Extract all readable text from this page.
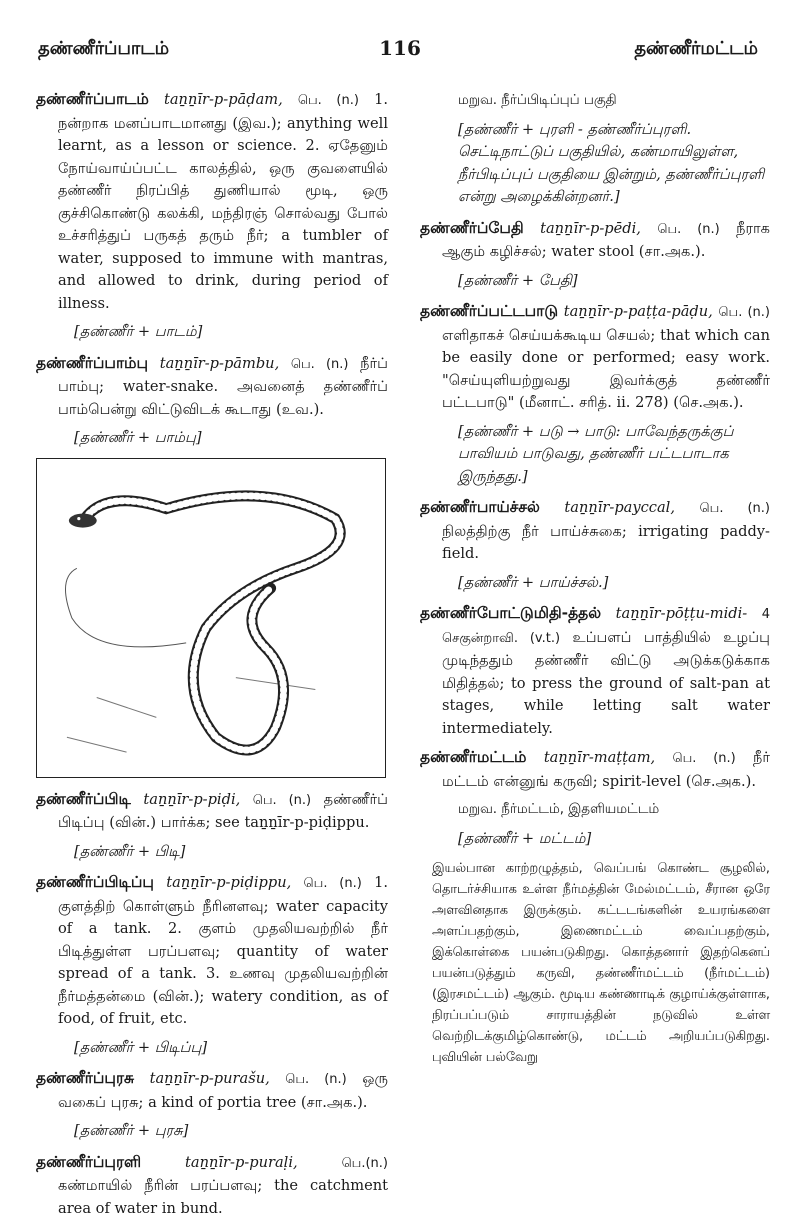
தண்ணீர்ப்பாடம்	116	தண்ணீர்மட்டம்

தண்ணீர்ப்பாடம் taṉṉīr-p-pāḍam, பெ. (n.) 1. நன்றாக மனப்பாடமானது (இவ.); anything well learnt, as a lesson or science. 2. ஏதேனும் நோய்வாய்ப்பட்ட காலத்தில், ஒரு குவளையில் தண்ணீர் நிரப்பித் துணியால் மூடி, ஒரு குச்சிகொண்டு கலக்கி, மந்திரஞ் சொல்வது போல் உச்சரித்துப் பருகத் தரும் நீர்; a tumbler of water, supposed to immune with mantras, and allowed to drink, during period of illness.

[தண்ணீர் + பாடம்]

தண்ணீர்ப்பாம்பு taṉṉīr-p-pāmbu, பெ. (n.) நீர்ப் பாம்பு; water-snake. அவனைத் தண்ணீர்ப் பாம்பென்று விட்டுவிடக் கூடாது (உவ.).

[தண்ணீர் + பாம்பு]

தண்ணீர்ப்பிடி taṉṉīr-p-piḍi, பெ. (n.) தண்ணீர்ப் பிடிப்பு (வின்.) பார்க்க; see taṉṉīr-p-piḍippu.

[தண்ணீர் + பிடி]

தண்ணீர்ப்பிடிப்பு taṉṉīr-p-piḍippu, பெ. (n.) 1. குளத்திற் கொள்ளும் நீரினளவு; water capacity of a tank. 2. குளம் முதலியவற்றில் நீர் பிடித்துள்ள பரப்பளவு; quantity of water spread of a tank. 3. உணவு முதலியவற்றின் நீர்மத்தன்மை (வின்.); watery condition, as of food, of fruit, etc.

[தண்ணீர் + பிடிப்பு]

தண்ணீர்ப்புரசு taṉṉīr-p-purašu, பெ. (n.) ஒரு வகைப் புரசு; a kind of portia tree (சா.அக.).

[தண்ணீர் + புரசு]

தண்ணீர்ப்புரளி	taṉṉīr-p-puraḷi,	பெ.(n.) கண்மாயில் நீரின் பரப்பளவு; the catchment area of water in bund.

மறுவ. நீர்ப்பிடிப்புப் பகுதி
[தண்ணீர் + புரளி - தண்ணீர்ப்புரளி. செட்டிநாட்டுப் பகுதியில், கண்மாயிலுள்ள, நீர்பிடிப்புப் பகுதியை இன்றும், தண்ணீர்ப்புரளி என்று அழைக்கின்றனர்.]

தண்ணீர்ப்பேதி taṉṉīr-p-pēdi, பெ. (n.) நீராக ஆகும் கழிச்சல்; water stool (சா.அக.).

[தண்ணீர் + பேதி]

தண்ணீர்ப்பட்டபாடு taṉṉīr-p-paṭṭa-pāḍu, பெ. (n.) எளிதாகச் செய்யக்கூடிய செயல்; that which can be easily done or performed; easy work. "செய்யுளியற்றுவது இவர்க்குத் தண்ணீர் பட்டபாடு" (மீனாட். சரித். ii. 278) (செ.அக.).

[தண்ணீர் + படு → பாடு: பாவேந்தருக்குப் பாவியம் பாடுவது, தண்ணீர் பட்டபாடாக இருந்தது.]

தண்ணீர்பாய்ச்சல் taṉṉīr-payccal, பெ. (n.) நிலத்திற்கு நீர் பாய்ச்சுகை; irrigating paddy-field.

[தண்ணீர் + பாய்ச்சல்.]

தண்ணீர்போட்டுமிதி-த்தல் taṉṉīr-pōṭṭu-midi- 4 செகுன்றாவி. (v.t.) உப்பளப் பாத்தியில் உழப்பு முடிந்ததும் தண்ணீர் விட்டு அடுக்கடுக்காக மிதித்தல்; to press the ground of salt-pan at stages, while letting salt water intermediately.

தண்ணீர்மட்டம் taṉṉīr-maṭṭam, பெ. (n.) நீர் மட்டம் என்னுங் கருவி; spirit-level (செ.அக.).

மறுவ. நீர்மட்டம், இதளியமட்டம்
[தண்ணீர் + மட்டம்]
இயல்பான காற்றழுத்தம், வெப்பங் கொண்ட சூழலில், தொடர்ச்சியாக உள்ள நீர்மத்தின் மேல்மட்டம், சீரான ஒரே அளவினதாக இருக்கும். கட்டடங்களின் உயரங்களை அளப்பதற்கும், இணைமட்டம் வைப்பதற்கும், இக்கொள்கை பயன்படுகிறது. கொத்தனார் இதற்கெனப் பயன்படுத்தும் கருவி, தண்ணீர்மட்டம் (நீர்மட்டம்) (இரசமட்டம்) ஆகும். மூடிய கண்ணாடிக் குழாய்க்குள்ளாக, நிரப்பப்படும் சாராயத்தின் நடுவில் உள்ள வெற்றிடக்குமிழ்கொண்டு, மட்டம் அறியப்படுகிறது. புவியின் பல்வேறு
